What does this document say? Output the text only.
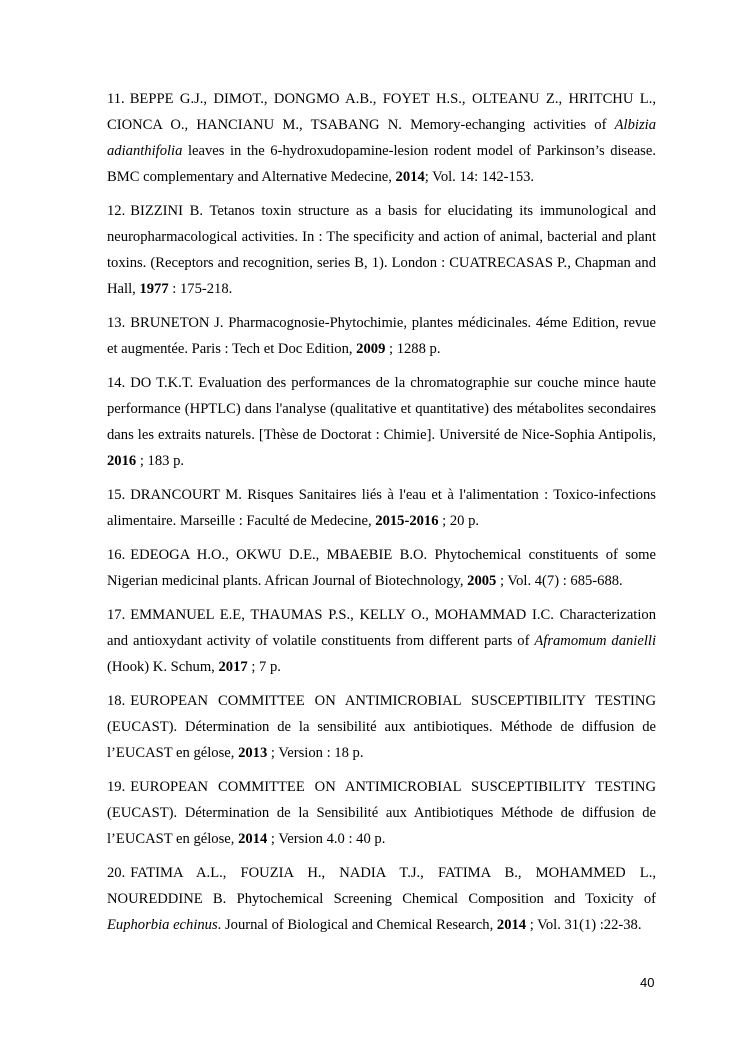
11. BEPPE G.J., DIMOT., DONGMO A.B., FOYET H.S., OLTEANU Z., HRITCHU L., CIONCA O., HANCIANU M., TSABANG N. Memory-echanging activities of Albizia adianthifolia leaves in the 6-hydroxudopamine-lesion rodent model of Parkinson’s disease. BMC complementary and Alternative Medecine, 2014; Vol. 14: 142-153.

12. BIZZINI B. Tetanos toxin structure as a basis for elucidating its immunological and neuropharmacological activities. In : The specificity and action of animal, bacterial and plant toxins. (Receptors and recognition, series B, 1). London : CUATRECASAS P., Chapman and Hall, 1977 : 175-218.

13. BRUNETON J. Pharmacognosie-Phytochimie, plantes médicinales. 4éme Edition, revue et augmentée. Paris : Tech et Doc Edition, 2009 ; 1288 p.

14. DO T.K.T. Evaluation des performances de la chromatographie sur couche mince haute performance (HPTLC) dans l'analyse (qualitative et quantitative) des métabolites secondaires dans les extraits naturels. [Thèse de Doctorat : Chimie]. Université de Nice-Sophia Antipolis, 2016 ; 183 p.

15. DRANCOURT M. Risques Sanitaires liés à l'eau et à l'alimentation : Toxico-infections alimentaire. Marseille : Faculté de Medecine, 2015-2016 ; 20 p.

16. EDEOGA H.O., OKWU D.E., MBAEBIE B.O. Phytochemical constituents of some Nigerian medicinal plants. African Journal of Biotechnology, 2005 ; Vol. 4(7) : 685-688.

17. EMMANUEL E.E, THAUMAS P.S., KELLY O., MOHAMMAD I.C. Characterization and antioxydant activity of volatile constituents from different parts of Aframomum danielli (Hook) K. Schum, 2017 ; 7 p.

18. EUROPEAN COMMITTEE ON ANTIMICROBIAL SUSCEPTIBILITY TESTING (EUCAST). Détermination de la sensibilité aux antibiotiques. Méthode de diffusion de l’EUCAST en gélose, 2013 ; Version : 18 p.

19. EUROPEAN COMMITTEE ON ANTIMICROBIAL SUSCEPTIBILITY TESTING (EUCAST). Détermination de la Sensibilité aux Antibiotiques Méthode de diffusion de l’EUCAST en gélose, 2014 ; Version 4.0 : 40 p.

20. FATIMA A.L., FOUZIA H., NADIA T.J., FATIMA B., MOHAMMED L., NOUREDDINE B. Phytochemical Screening Chemical Composition and Toxicity of Euphorbia echinus. Journal of Biological and Chemical Research, 2014 ; Vol. 31(1) :22-38.

40
